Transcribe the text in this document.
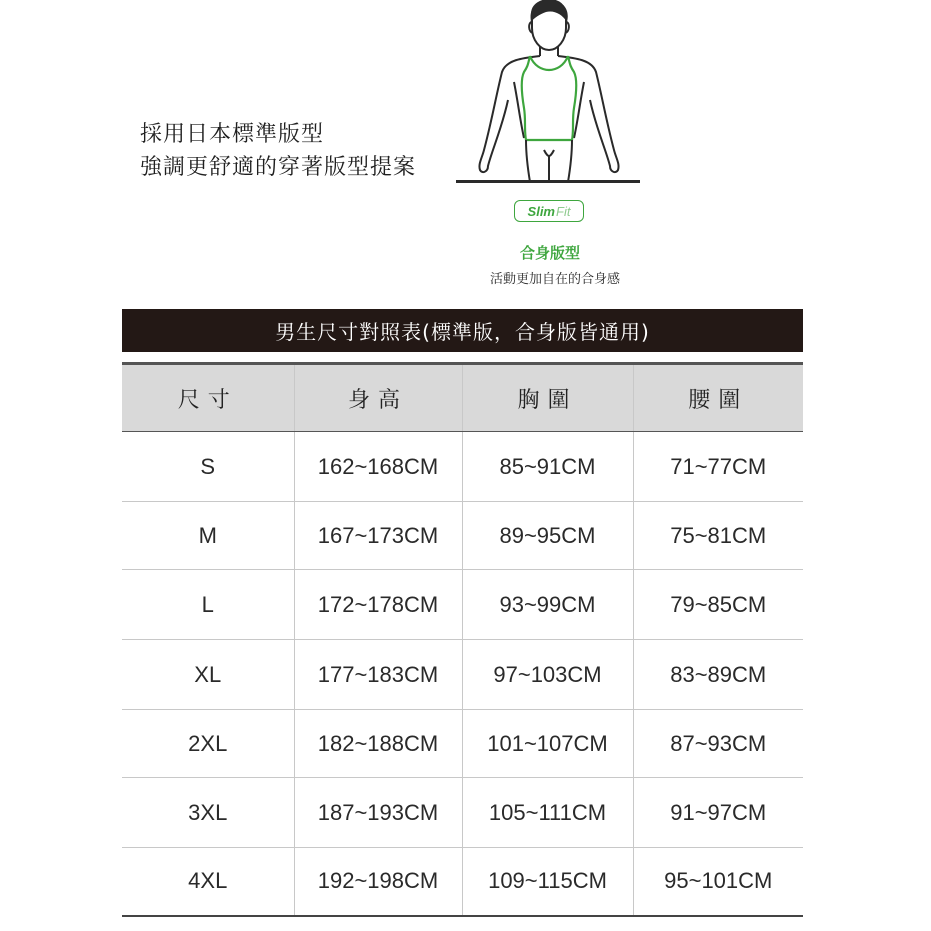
採用日本標準版型
強調更舒適的穿著版型提案
Slim Fit
合身版型
活動更加自在的合身感
男生尺寸對照表(標準版，合身版皆通用)
尺寸	身高	胸圍	腰圍
S	162~168CM	85~91CM	71~77CM
M	167~173CM	89~95CM	75~81CM
L	172~178CM	93~99CM	79~85CM
XL	177~183CM	97~103CM	83~89CM
2XL	182~188CM	101~107CM	87~93CM
3XL	187~193CM	105~111CM	91~97CM
4XL	192~198CM	109~115CM	95~101CM
